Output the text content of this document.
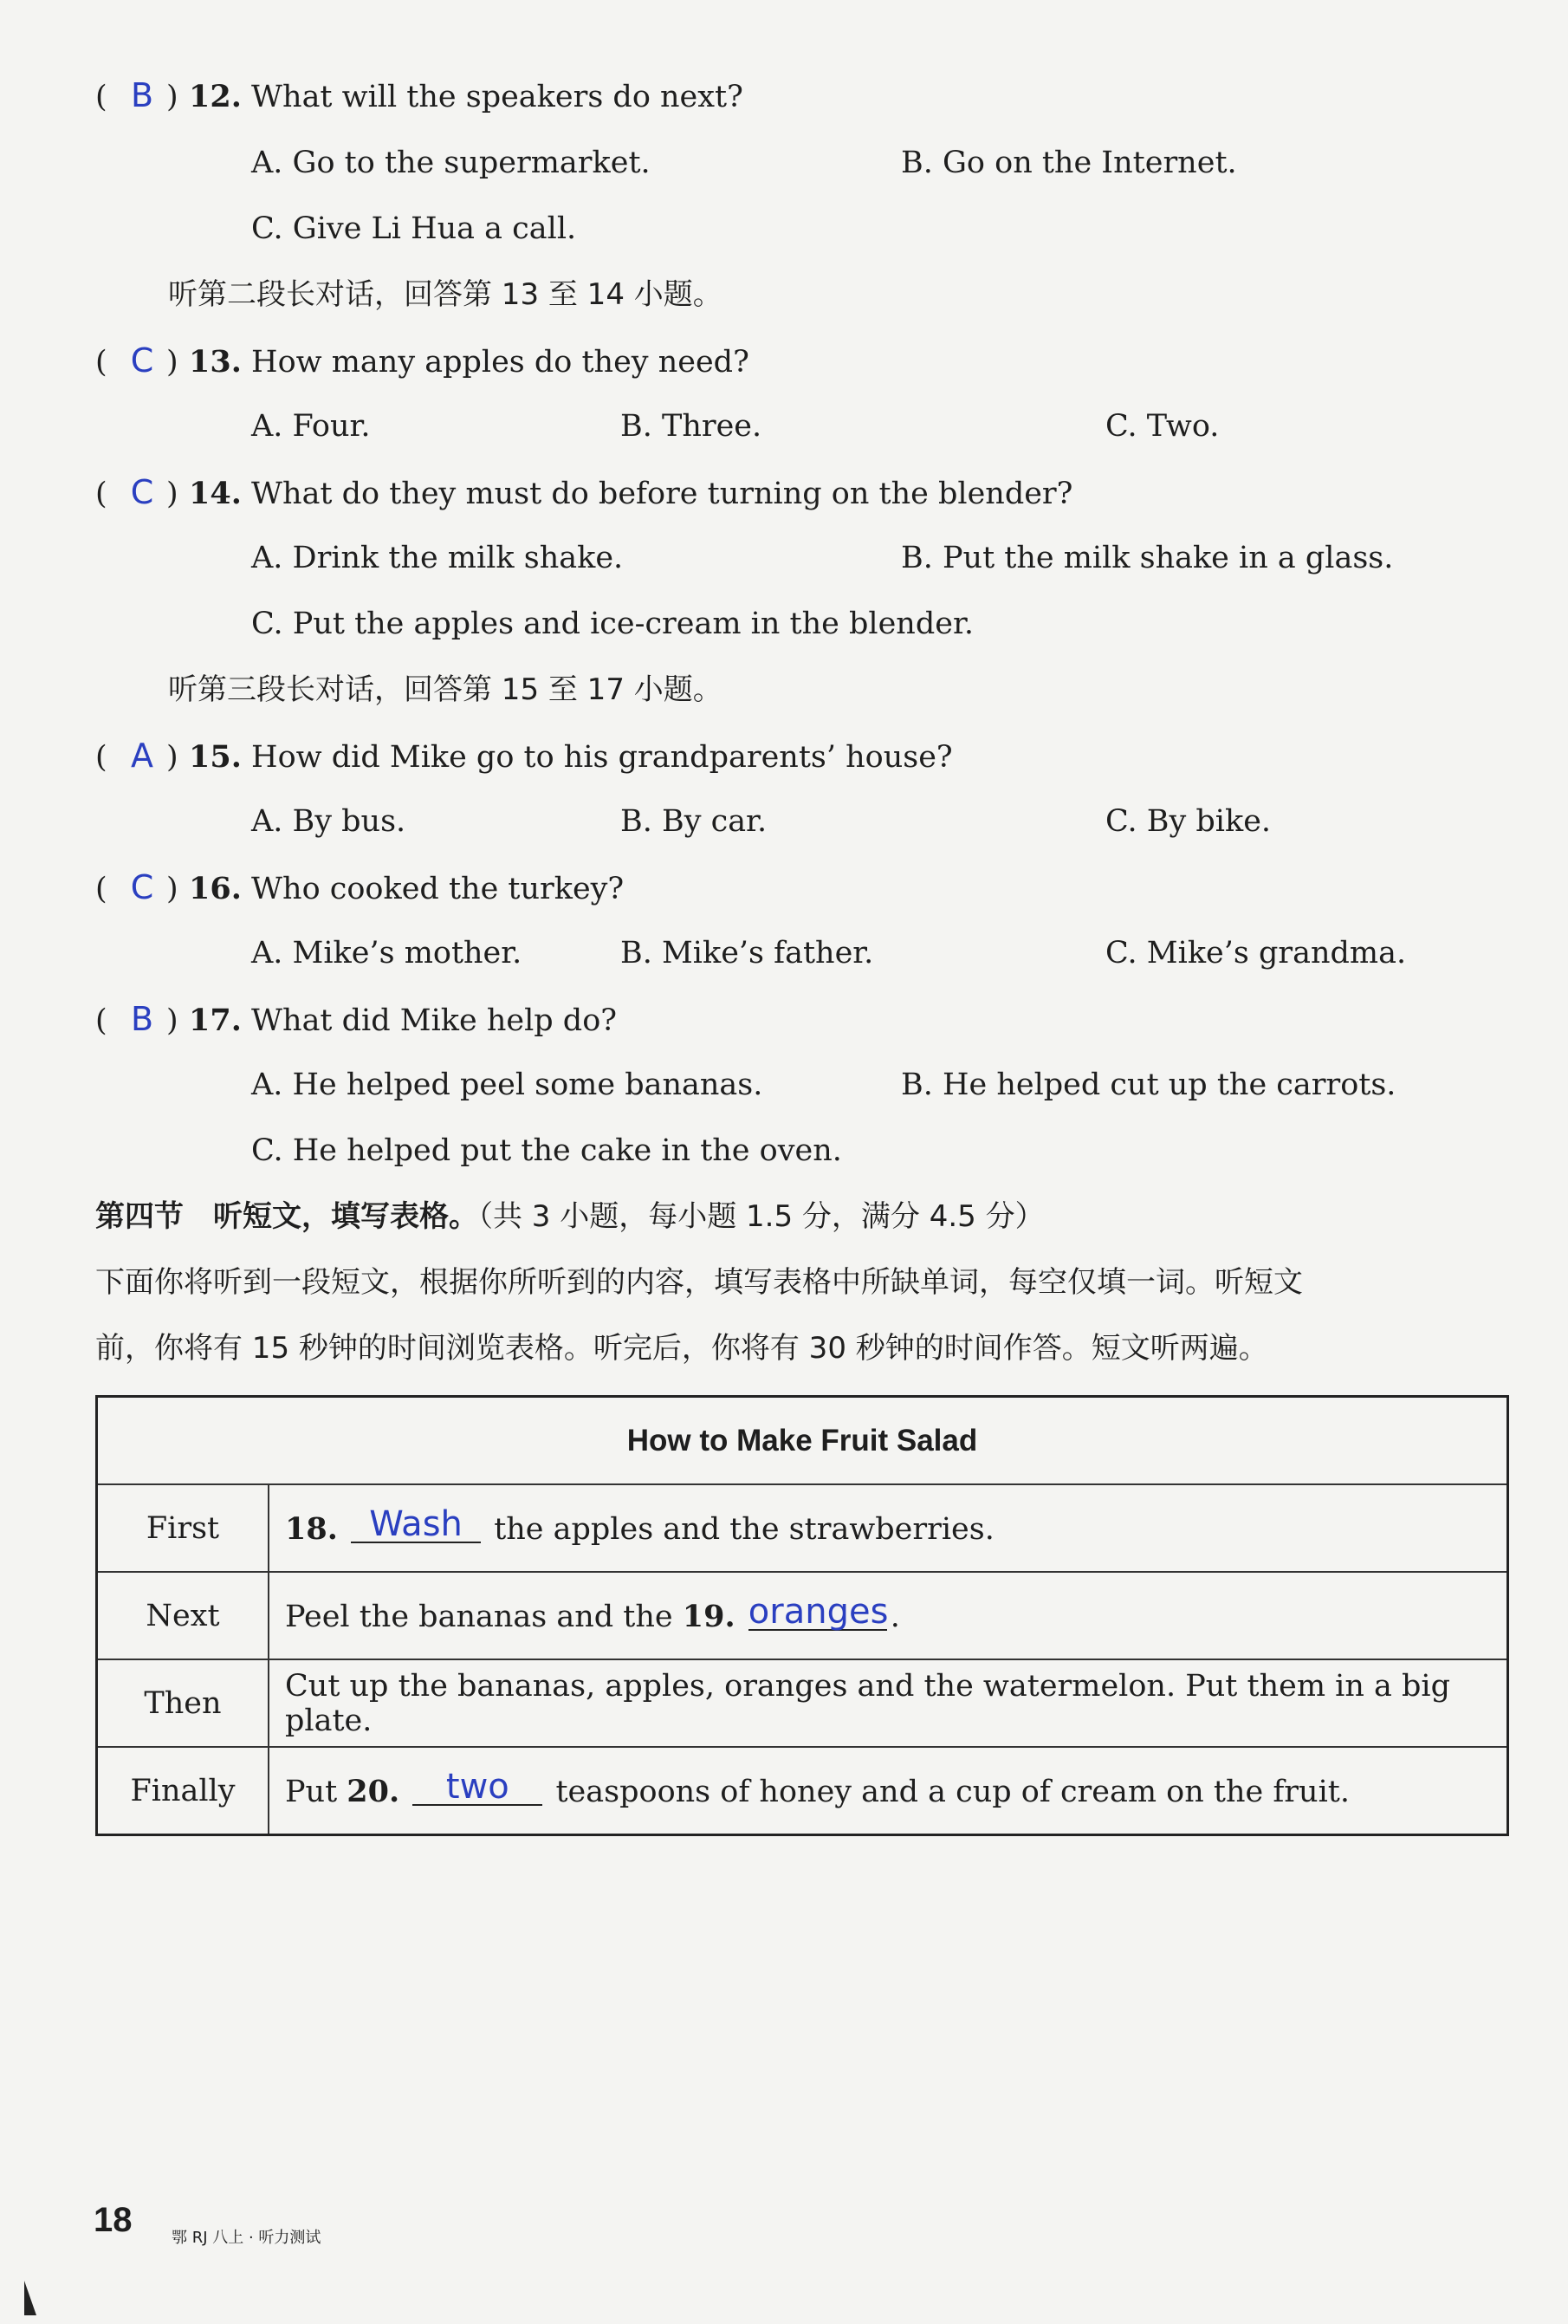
( B ) 12. What will the speakers do next?
A. Go to the supermarket.	B. Go on the Internet.
C. Give Li Hua a call.
听第二段长对话，回答第 13 至 14 小题。
( C ) 13. How many apples do they need?
A. Four.	B. Three.	C. Two.
( C ) 14. What do they must do before turning on the blender?
A. Drink the milk shake.	B. Put the milk shake in a glass.
C. Put the apples and ice-cream in the blender.
听第三段长对话，回答第 15 至 17 小题。
( A ) 15. How did Mike go to his grandparents’ house?
A. By bus.	B. By car.	C. By bike.
( C ) 16. Who cooked the turkey?
A. Mike’s mother.	B. Mike’s father.	C. Mike’s grandma.
( B ) 17. What did Mike help do?
A. He helped peel some bananas.	B. He helped cut up the carrots.
C. He helped put the cake in the oven.
第四节　听短文，填写表格。（共 3 小题，每小题 1.5 分，满分 4.5 分）
下面你将听到一段短文，根据你所听到的内容，填写表格中所缺单词，每空仅填一词。听短文
前，你将有 15 秒钟的时间浏览表格。听完后，你将有 30 秒钟的时间作答。短文听两遍。
How to Make Fruit Salad	
First	18. Wash the apples and the strawberries.
Next	Peel the bananas and the 19. oranges.
Then	Cut up the bananas, apples, oranges and the watermelon. Put them in a big plate.
Finally	Put 20. two teaspoons of honey and a cup of cream on the fruit.
18	鄂 RJ 八上 · 听力测试
